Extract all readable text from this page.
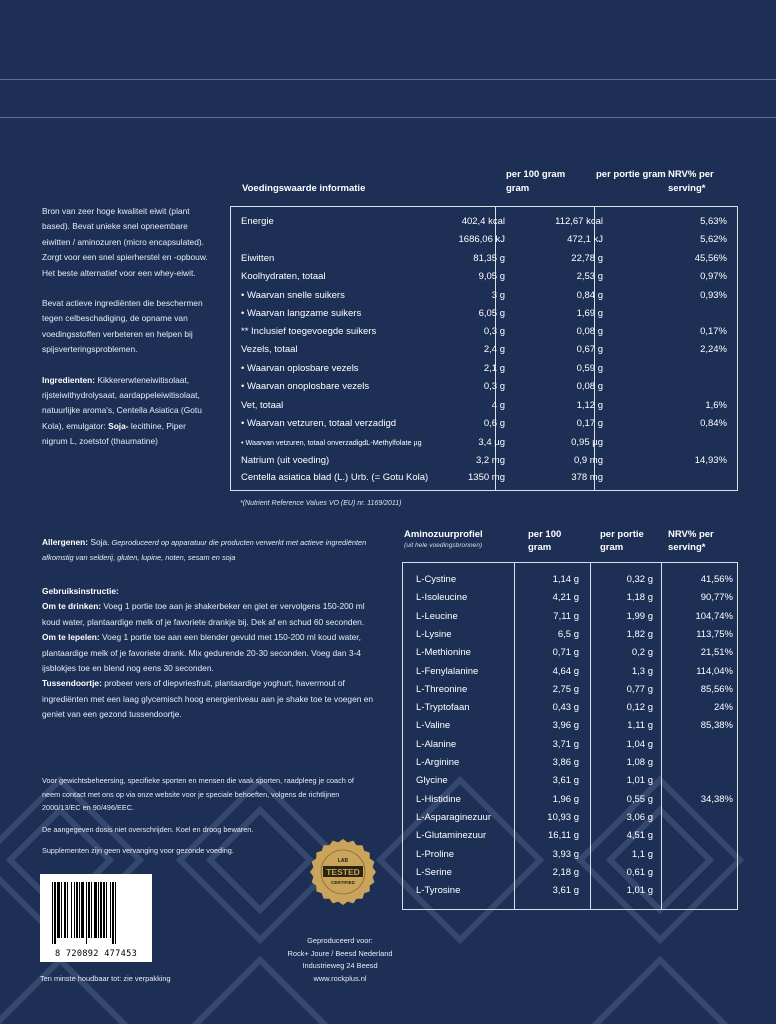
Bron van zeer hoge kwaliteit eiwit (plant based). Bevat unieke snel opneembare eiwitten / aminozuren (micro encapsulated). Zorgt voor een snel spierherstel en -opbouw. Het beste alternatief voor een whey-eiwit.

Bevat actieve ingrediënten die beschermen tegen celbeschadiging, de opname van voedingsstoffen verbeteren en helpen bij spijsverteringsproblemen.

Ingredienten: Kikkererwteneiwitisolaat, rijsteiwithydrolysaat, aardappeleiwitisolaat, natuurlijke aroma's, Centella Asiatica (Gotu Kola), emulgator: Soja- lecithine, Piper nigrum L, zoetstof (thaumatine)

Voedingswaarde informatie
per 100 gram gram
per portie gram NRV% per serving*
Energie	402,4 kcal	112,67 kcal	5,63%
1686,06 kJ	472,1 kJ	5,62%
Eiwitten	81,35 g	22,78 g	45,56%
Koolhydraten, totaal	9,05 g	2,53 g	0,97%
• Waarvan snelle suikers	3 g	0,84 g	0,93%
• Waarvan langzame suikers	6,05 g	1,69 g
** Inclusief toegevoegde suikers	0,3 g	0,08 g	0,17%
Vezels, totaal	2,4 g	0,67 g	2,24%
• Waarvan oplosbare vezels	2,1 g	0,59 g
• Waarvan onoplosbare vezels	0,3 g	0,08 g
Vet, totaal	4 g	1,12 g	1,6%
• Waarvan vetzuren, totaal verzadigd	0,6 g	0,17 g	0,84%
• Waarvan vetzuren, totaal onverzadigdL-Methylfolate µg	3,4 µg	0,95 µg
Natrium (uit voeding)	3,2 mg	0,9 mg	14,93%
Centella asiatica blad (L.) Urb. (= Gotu Kola)	1350 mg	378 mg
*(Nutrient Reference Values VO (EU) nr. 1169/2011)
Aminozuurprofiel
(uit hele voedingsbronnen)
per 100 gram
per portie gram
NRV% per serving*
L-Cystine	1,14 g	0,32 g	41,56%
L-Isoleucine	4,21 g	1,18 g	90,77%
L-Leucine	7,11 g	1,99 g	104,74%
L-Lysine	6,5 g	1,82 g	113,75%
L-Methionine	0,71 g	0,2 g	21,51%
L-Fenylalanine	4,64 g	1,3 g	114,04%
L-Threonine	2,75 g	0,77 g	85,56%
L-Tryptofaan	0,43 g	0,12 g	24%
L-Valine	3,96 g	1,11 g	85,38%
L-Alanine	3,71 g	1,04 g
L-Arginine	3,86 g	1,08 g
Glycine	3,61 g	1,01 g
L-Histidine	1,96 g	0,55 g	34,38%
L-Asparaginezuur	10,93 g	3,06 g
L-Glutaminezuur	16,11 g	4,51 g
L-Proline	3,93 g	1,1 g
L-Serine	2,18 g	0,61 g
L-Tyrosine	3,61 g	1,01 g
Allergenen: Soja. Geproduceerd op apparatuur die producten verwerkt met actieve ingrediënten afkomstig van selderij, gluten, lupine, noten, sesam en soja
Gebruiksinstructie:
Om te drinken: Voeg 1 portie toe aan je shakerbeker en giet er vervolgens 150-200 ml koud water, plantaardige melk of je favoriete drankje bij. Dek af en schud 60 seconden.
Om te lepelen: Voeg 1 portie toe aan een blender gevuld met 150-200 ml koud water, plantaardige melk of je favoriete drank. Mix gedurende 20-30 seconden. Voeg dan 3-4 ijsblokjes toe en blend nog eens 30 seconden.
Tussendoortje: probeer vers of diepvriesfruit, plantaardige yoghurt, havermout of ingrediënten met een laag glycemisch hoog energieniveau aan je shake toe te voegen en geniet van een gezond tussendoortje.

Voor gewichtsbeheersing, specifieke sporten en mensen die vaak sporten, raadpleeg je coach of neem contact met ons op via onze website voor je speciale behoeften, volgens de richtlijnen 2000/13/EC en 90/496/EEC.

De aangegeven dosis niet overschrijden. Koel en droog bewaren.

Supplementen zijn geen vervanging voor gezonde voeding.

8 720892 477453
Ten minste houdbaar tot: zie verpakking
LAB
TESTED
CERTIFIED
Geproduceerd voor:
Rock+ Joure / Beesd Nederland
Industrieweg 24 Beesd
www.rockplus.nl
